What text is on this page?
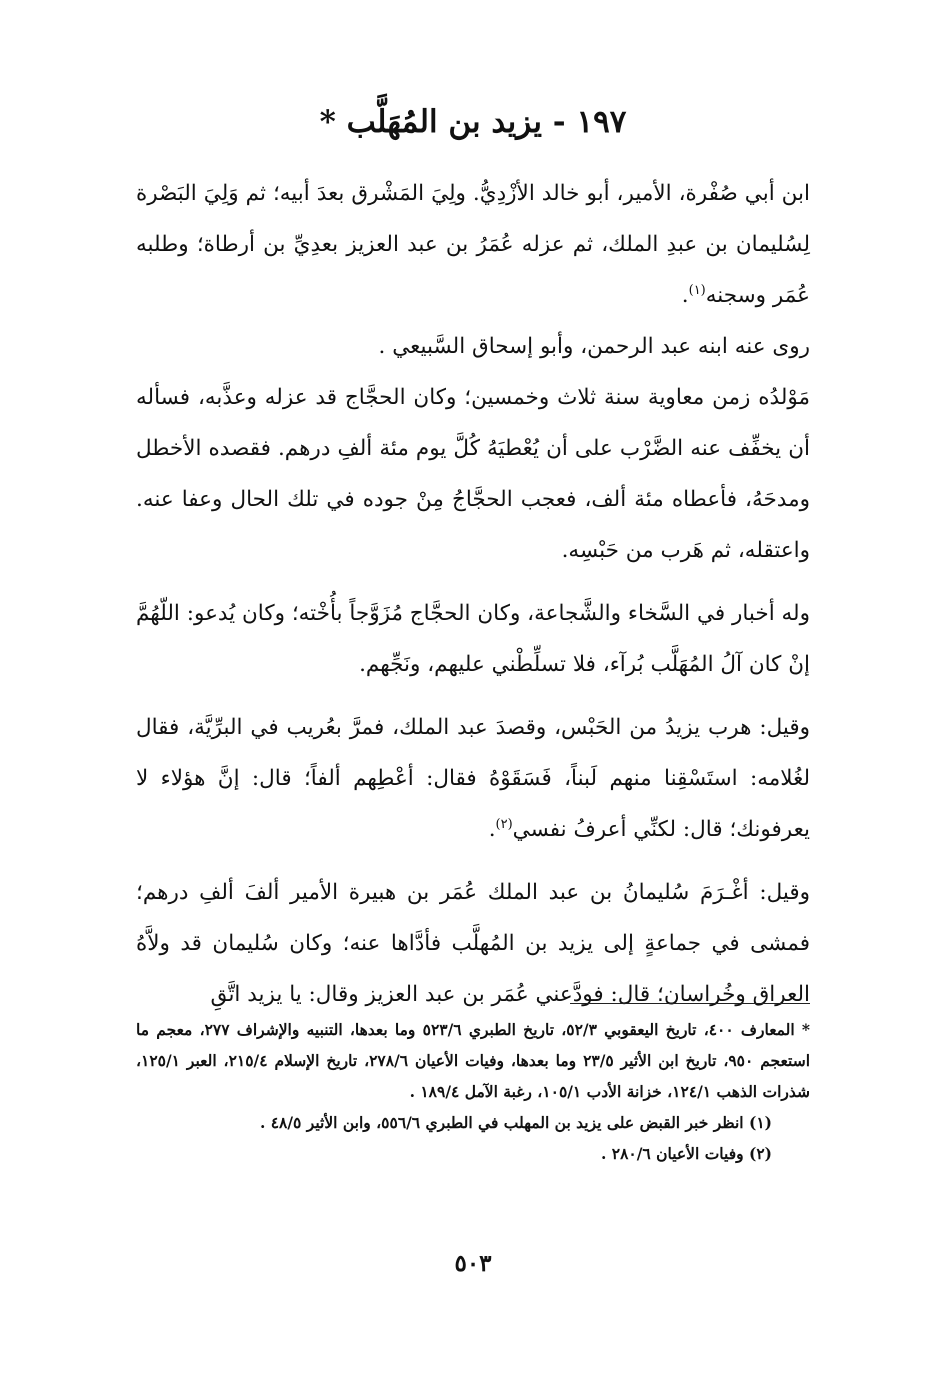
١٩٧ - يزيد بن المُهَلَّب *

ابن أبي صُفْرة، الأمير، أبو خالد الأزْدِيُّ. ولِيَ المَشْرق بعدَ أبيه؛ ثم وَلِيَ البَصْرة لِسُليمان بن عبدِ الملك، ثم عزله عُمَرُ بن عبد العزيز بعدِيِّ بن أرطاة؛ وطلبه عُمَر وسجنه$^{(١)}$.

روى عنه ابنه عبد الرحمن، وأبو إسحاق السَّبيعي .

مَوْلدُه زمن معاوية سنة ثلاث وخمسين؛ وكان الحجَّاج قد عزله وعذَّبه، فسأله أن يخفِّف عنه الضَّرْب على أن يُعْطيَهُ كُلَّ يوم مئة ألفِ درهم. فقصده الأخطل ومدحَهُ، فأعطاه مئة ألف، فعجب الحجَّاجُ مِنْ جوده في تلك الحال وعفا عنه. واعتقله، ثم هَرب من حَبْسِه.

وله أخبار في السَّخاء والشَّجاعة، وكان الحجَّاج مُزَوَّجاً بأُخْته؛ وكان يُدعو: اللّهُمَّ إنْ كان آلُ المُهَلَّب بُرآء، فلا تسلِّطْني عليهم، ونَجِّهم.

وقيل: هرب يزيدُ من الحَبْس، وقصدَ عبد الملك، فمرَّ بعُريب في البرِّيَّة، فقال لغُلامه: استَسْقِنا منهم لَبناً، فَسَقَوْهُ فقال: أعْطِهم ألفاً؛ قال: إنَّ هؤلاء لا يعرفونك؛ قال: لكنِّي أعرفُ نفسي$^{(٢)}$.

وقيل: أغْـرَمَ سُليمانُ بن عبد الملك عُمَر بن هبيرة الأمير ألفَ ألفِ درهم؛ فمشى في جماعةٍ إلى يزيد بن المُهلَّب فأدَّاها عنه؛ وكان سُليمان قد ولاَّهُ العراق وخُراسان؛ قال: فودَّعني عُمَر بن عبد العزيز وقال: يا يزيد اتَّقِ

* المعارف ٤٠٠، تاريخ اليعقوبي ٥٢/٣، تاريخ الطبري ٥٢٣/٦ وما بعدها، التنبيه والإشراف ٢٧٧، معجم ما استعجم ٩٥٠، تاريخ ابن الأثير ٢٣/٥ وما بعدها، وفيات الأعيان ٢٧٨/٦، تاريخ الإسلام ٢١٥/٤، العبر ١٢٥/١، شذرات الذهب ١٢٤/١، خزانة الأدب ١٠٥/١، رغبة الآمل ١٨٩/٤ .

(١) انظر خبر القبض على يزيد بن المهلب في الطبري ٥٥٦/٦، وابن الأثير ٤٨/٥ .

(٢) وفيات الأعيان ٢٨٠/٦ .

٥٠٣
